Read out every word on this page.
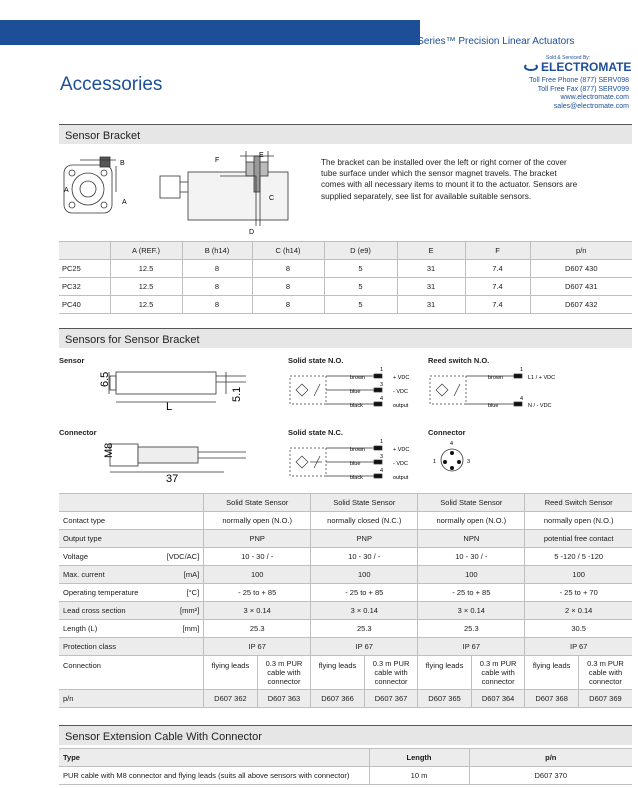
PC-Series™ Precision Linear Actuators
Sold & Serviced By:
ELECTROMATE
Toll Free Phone (877) SERV098
Toll Free Fax (877) SERV099
www.electromate.com
sales@electromate.com
Accessories
Sensor Bracket
A
B
A
C
D
E
F	The bracket can be installed over the left or right corner of the cover tube surface under which the sensor magnet travels. The bracket comes with all necessary items to mount it to the actuator. Sensors are supplied separately, see list for available suitable sensors.
	A (REF.)	B (h14)	C (h14)	D (e9)	E	F	p/n
PC25	12.5	8	8	5	31	7.4	D607 430
PC32	12.5	8	8	5	31	7.4	D607 431
PC40	12.5	8	8	5	31	7.4	D607 432
Sensors for Sensor Bracket
Sensor
Connector
Solid state N.O.
Solid state N.C.
Reed switch N.O.
Connector
6.5
L
5.1
M8
37
brown
blue
black
1
3
4
+ VDC
- VDC
output
brown
blue
black
1
3
4
+ VDC
- VDC
output
brown
blue
1
4
L1 / + VDC
N / - VDC
4
1	3
		Solid State Sensor		Solid State Sensor		Solid State Sensor		Reed Switch Sensor	
Contact type		normally open (N.O.)		normally closed (N.C.)		normally open (N.O.)		normally open (N.O.)	
Output type		PNP		PNP		NPN		potential free contact	
Voltage	[VDC/AC]	10 - 30 / -		10 - 30 / -		10 - 30 / -		5 -120 / 5 -120	
Max. current	[mA]	100		100		100		100	
Operating temperature	[°C]	- 25 to + 85		- 25 to + 85		- 25 to + 85		- 25 to + 70	
Lead cross section	[mm²]	3 × 0.14		3 × 0.14		3 × 0.14		2 × 0.14	
Length (L)	[mm]	25.3		25.3		25.3		30.5	
Protection class		IP 67		IP 67		IP 67		IP 67	
Connection		flying leads	0.3 m PUR cable with connector	flying leads	0.3 m PUR cable with connector	flying leads	0.3 m PUR cable with connector	flying leads	0.3 m PUR cable with connector
p/n		D607 362	D607 363	D607 366	D607 367	D607 365	D607 364	D607 368	D607 369
Sensor Extension Cable With Connector
Type	Length	p/n
PUR cable with M8 connector and flying leads (suits all above sensors with connector)	10 m	D607 370
